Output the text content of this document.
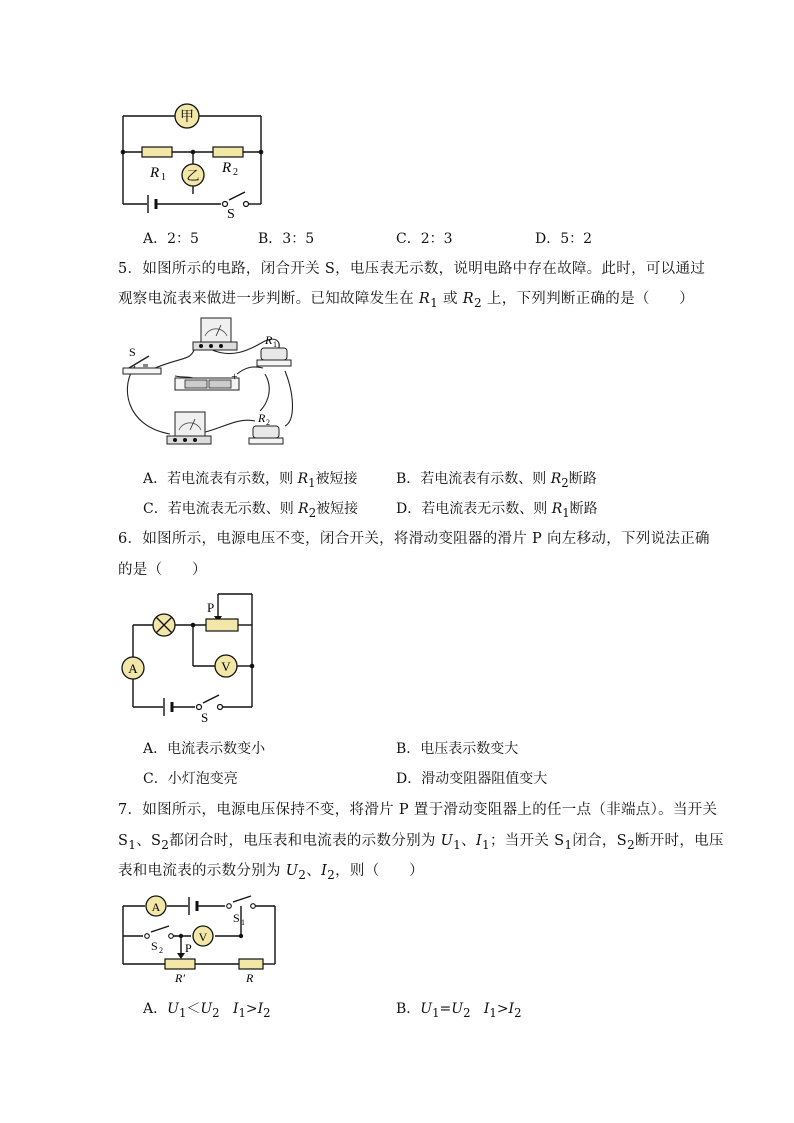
甲
乙
R 1
R 2
S
A．2：5	B．3：5	C．2：3	D．5：2
5．如图所示的电路，闭合开关 S，电压表无示数，说明电路中存在故障。此时，可以通过
观察电流表来做进一步判断。已知故障发生在 $R_1$ 或 $R_2$ 上，下列判断正确的是（　　）
S
+
R 1
R 2
A．若电流表有示数，则 $R_1$被短接	B．若电流表有示数、则 $R_2$断路
C．若电流表无示数、则 $R_2$被短接	D．若电流表无示数、则 $R_1$断路
6．如图所示，电源电压不变，闭合开关，将滑动变阻器的滑片 P 向左移动，下列说法正确
的是（　　）
P
A	V
S
A．电流表示数变小	B．电压表示数变大
C．小灯泡变亮	D．滑动变阻器阻值变大
7．如图所示，电源电压保持不变，将滑片 P 置于滑动变阻器上的任一点（非端点）。当开关
$S_1$、$S_2$都闭合时，电压表和电流表的示数分别为 $U_1$、$I_1$；当开关 $S_1$闭合，$S_2$断开时，电压
表和电流表的示数分别为 $U_2$、$I_2$，则（　　）
A
S 1
S 2
V
P
R′	R
A．$U_1<U_2$ $I_1>I_2$	B．$U_1=U_2$ $I_1>I_2$
